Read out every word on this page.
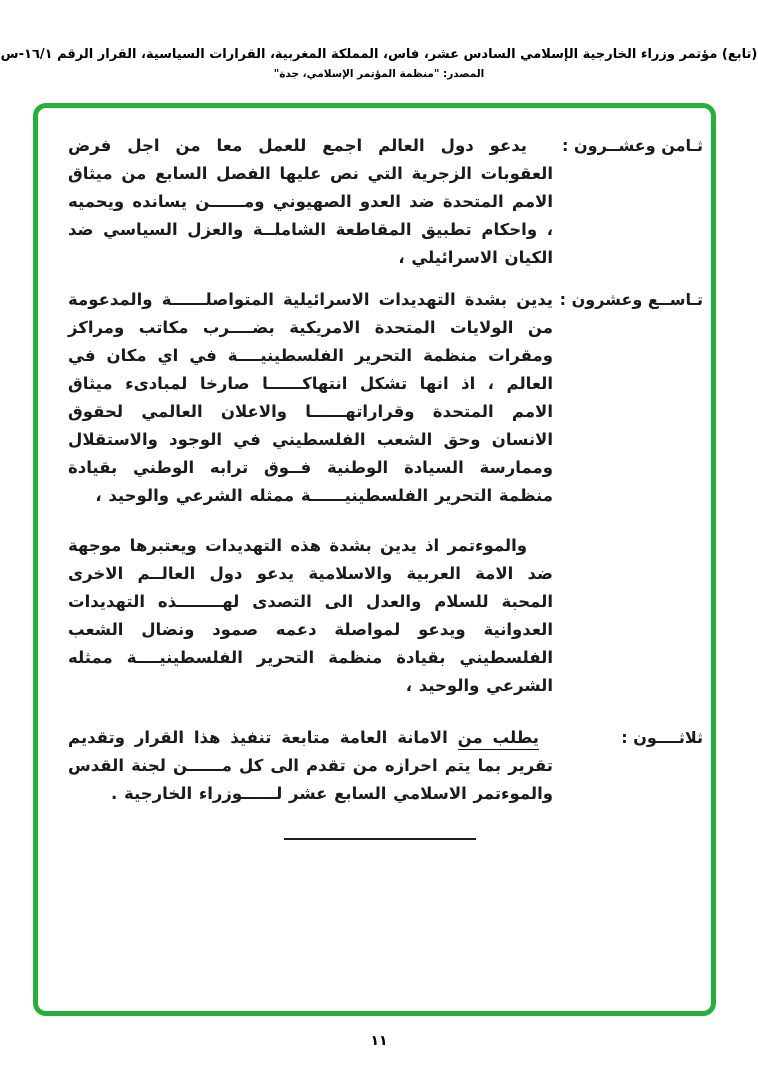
(تابع) مؤتمر وزراء الخارجية الإسلامي السادس عشر، فاس، المملكة المغربية، القرارات السياسية، القرار الرقم ١٦/١-س
المصدر: "منظمة المؤتمر الإسلامي، جدة"
ثـامن وعشــرون :
يدعو دول العالم اجمع للعمل معا من اجل فرض العقوبات الزجرية التي نص عليها الفصل السابع من ميثاق الامم المتحدة ضد العدو الصهيوني ومــــــن يسانده ويحميه ، واحكام تطبيق المقاطعة الشاملــة والعزل السياسي ضد الكيان الاسرائيلي ،
تـاســع وعشرون :
يدين بشدة التهديدات الاسرائيلية المتواصلــــــة والمدعومة من الولايات المتحدة الامريكية بضــــرب مكاتب ومراكز ومقرات منظمة التحرير الفلسطينيــــة في اي مكان في العالم ، اذ انها تشكل انتهاكــــــا صارخا لمبادىء ميثاق الامم المتحدة وقراراتهــــــا والاعلان العالمي لحقوق الانسان وحق الشعب الفلسطيني في الوجود والاستقلال وممارسة السيادة الوطنية فــوق ترابه الوطني بقيادة منظمة التحرير الفلسطينيــــــة ممثله الشرعي والوحيد ،
والموءتمر اذ يدين بشدة هذه التهديدات ويعتبرها موجهة ضد الامة العربية والاسلامية يدعو دول العالــم الاخرى المحبة للسلام والعدل الى التصدى لهــــــــذه التهديدات العدوانية ويدعو لمواصلة دعمه صمود ونضال الشعب الفلسطيني بقيادة منظمة التحرير الفلسطينيــــة ممثله الشرعي والوحيد ،
ثلاثــــون :
يطلب من الامانة العامة متابعة تنفيذ هذا القرار وتقديم تقرير بما يتم احرازه من تقدم الى كل مــــــن لجنة القدس والموءتمر الاسلامي السابع عشر لــــــوزراء الخارجية .
١١
